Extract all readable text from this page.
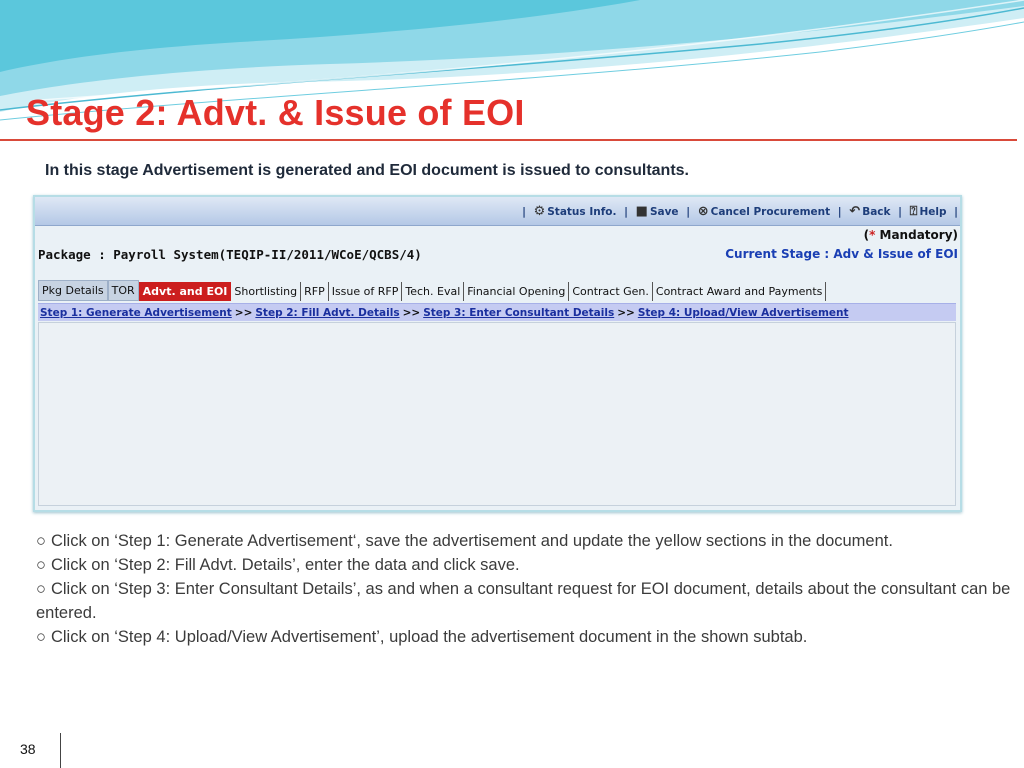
Stage 2: Advt. & Issue of EOI
In this stage Advertisement is generated and EOI document is issued to consultants.
| ⚙ Status Info. | ■ Save | ⊗ Cancel Procurement | ↶ Back | ⍰ Help |
(* Mandatory)
Package : Payroll System(TEQIP-II/2011/WCoE/QCBS/4)	Current Stage : Adv & Issue of EOI
Pkg Details TOR Advt. and EOI Shortlisting RFP Issue of RFP Tech. Eval Financial Opening Contract Gen. Contract Award and Payments
Step 1: Generate Advertisement >> Step 2: Fill Advt. Details >> Step 3: Enter Consultant Details >> Step 4: Upload/View Advertisement

○ Click on ‘Step 1: Generate Advertisement‘, save the advertisement and update the yellow sections in the document.

○ Click on ‘Step 2: Fill Advt. Details’, enter the data and click save.

○ Click on ‘Step 3: Enter Consultant Details’, as and when a consultant request for EOI document, details about the consultant can be entered.

○ Click on ‘Step 4: Upload/View Advertisement’, upload the advertisement document in the shown subtab.

38
